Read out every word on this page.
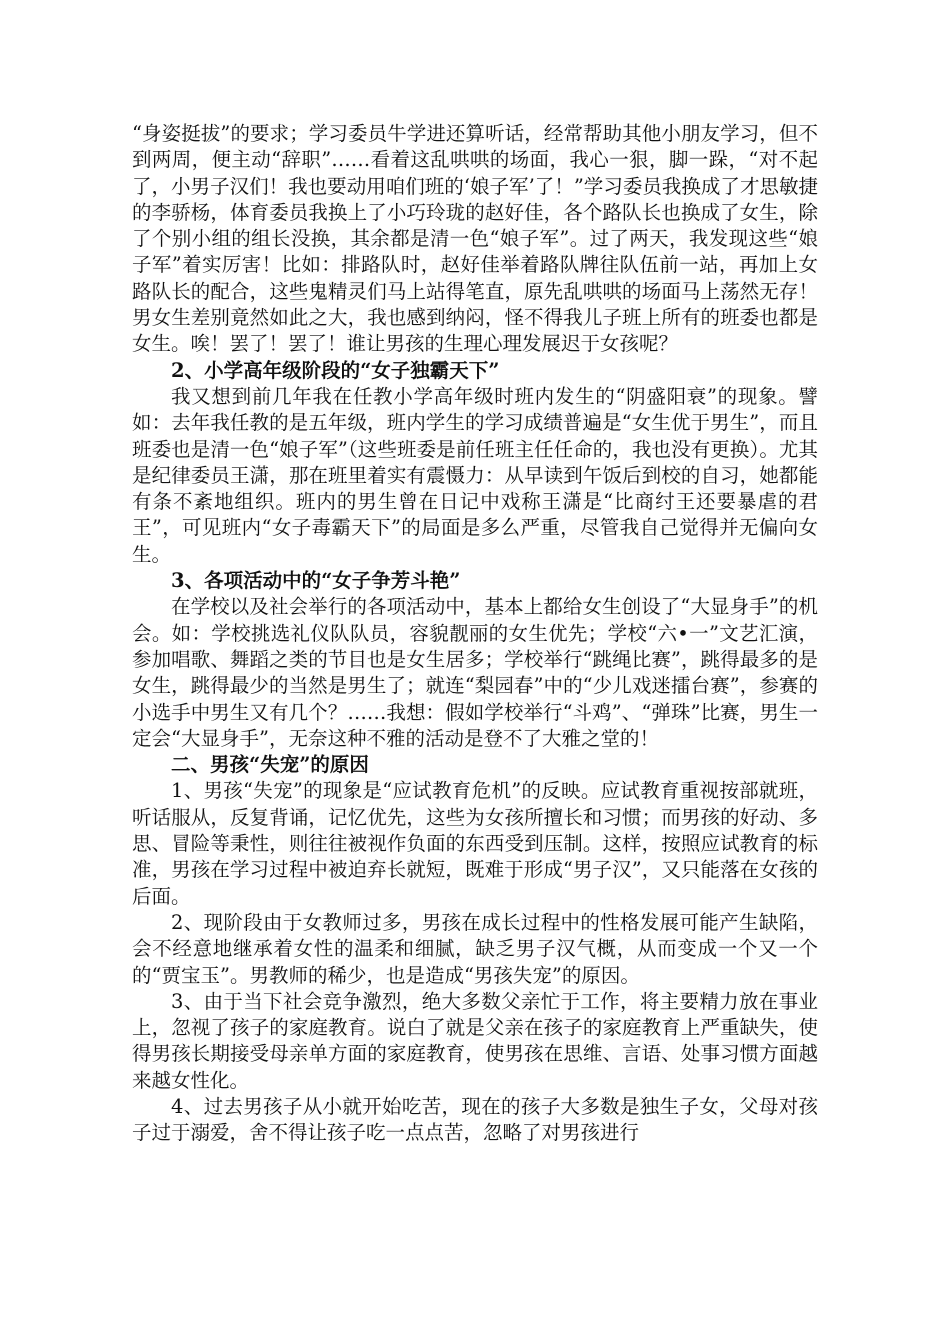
“身姿挺拔”的要求；学习委员牛学进还算听话，经常帮助其他小朋友学习，但不到两周，便主动“辞职”……看着这乱哄哄的场面，我心一狠，脚一跺，“对不起了，小男子汉们！我也要动用咱们班的‘娘子军’了！”学习委员我换成了才思敏捷的李骄杨，体育委员我换上了小巧玲珑的赵好佳，各个路队长也换成了女生，除了个别小组的组长没换，其余都是清一色“娘子军”。过了两天，我发现这些“娘子军”着实厉害！比如：排路队时，赵好佳举着路队牌往队伍前一站，再加上女路队长的配合，这些鬼精灵们马上站得笔直，原先乱哄哄的场面马上荡然无存！男女生差别竟然如此之大，我也感到纳闷，怪不得我儿子班上所有的班委也都是女生。唉！罢了！罢了！谁让男孩的生理心理发展迟于女孩呢？

2、小学高年级阶段的“女子独霸天下”

我又想到前几年我在任教小学高年级时班内发生的“阴盛阳衰”的现象。譬如：去年我任教的是五年级，班内学生的学习成绩普遍是“女生优于男生”，而且班委也是清一色“娘子军”（这些班委是前任班主任任命的，我也没有更换）。尤其是纪律委员王潇，那在班里着实有震慑力：从早读到午饭后到校的自习，她都能有条不紊地组织。班内的男生曾在日记中戏称王潇是“比商纣王还要暴虐的君王”，可见班内“女子毒霸天下”的局面是多么严重，尽管我自己觉得并无偏向女生。

3、各项活动中的“女子争芳斗艳”

在学校以及社会举行的各项活动中，基本上都给女生创设了“大显身手”的机会。如：学校挑选礼仪队队员，容貌靓丽的女生优先；学校“六•一”文艺汇演，参加唱歌、舞蹈之类的节目也是女生居多；学校举行“跳绳比赛”，跳得最多的是女生，跳得最少的当然是男生了；就连“梨园春”中的“少儿戏迷擂台赛”，参赛的小选手中男生又有几个？……我想：假如学校举行“斗鸡”、“弹珠”比赛，男生一定会“大显身手”，无奈这种不雅的活动是登不了大雅之堂的！

二、男孩“失宠”的原因

1、男孩“失宠”的现象是“应试教育危机”的反映。应试教育重视按部就班，听话服从，反复背诵，记忆优先，这些为女孩所擅长和习惯；而男孩的好动、多思、冒险等秉性，则往往被视作负面的东西受到压制。这样，按照应试教育的标准，男孩在学习过程中被迫弃长就短，既难于形成“男子汉”，又只能落在女孩的后面。

2、现阶段由于女教师过多，男孩在成长过程中的性格发展可能产生缺陷，会不经意地继承着女性的温柔和细腻，缺乏男子汉气概，从而变成一个又一个的“贾宝玉”。男教师的稀少，也是造成“男孩失宠”的原因。

3、由于当下社会竞争激烈，绝大多数父亲忙于工作，将主要精力放在事业上，忽视了孩子的家庭教育。说白了就是父亲在孩子的家庭教育上严重缺失，使得男孩长期接受母亲单方面的家庭教育，使男孩在思维、言语、处事习惯方面越来越女性化。

4、过去男孩子从小就开始吃苦，现在的孩子大多数是独生子女，父母对孩子过于溺爱，舍不得让孩子吃一点点苦，忽略了对男孩进行
